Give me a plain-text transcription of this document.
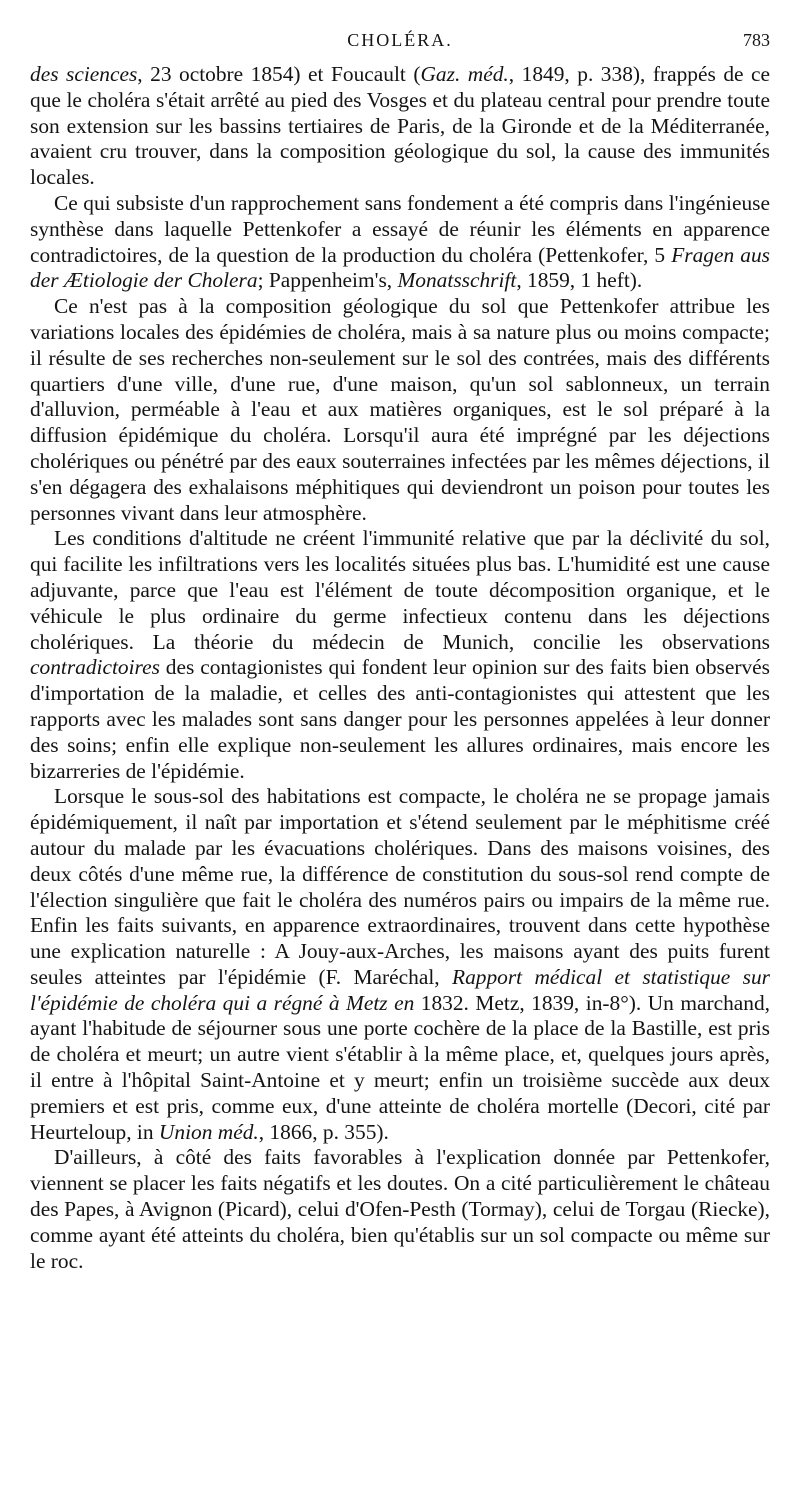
CHOLÉRA.	783

des sciences, 23 octobre 1854) et Foucault (Gaz. méd., 1849, p. 338), frappés de ce que le choléra s'était arrêté au pied des Vosges et du plateau central pour prendre toute son extension sur les bassins tertiaires de Paris, de la Gironde et de la Méditerranée, avaient cru trouver, dans la composition géologique du sol, la cause des immunités locales.

Ce qui subsiste d'un rapprochement sans fondement a été compris dans l'ingénieuse synthèse dans laquelle Pettenkofer a essayé de réunir les éléments en apparence contradictoires, de la question de la production du choléra (Pettenkofer, 5 Fragen aus der Ætiologie der Cholera; Pappenheim's, Monatsschrift, 1859, 1 heft).

Ce n'est pas à la composition géologique du sol que Pettenkofer attribue les variations locales des épidémies de choléra, mais à sa nature plus ou moins compacte; il résulte de ses recherches non-seulement sur le sol des contrées, mais des différents quartiers d'une ville, d'une rue, d'une maison, qu'un sol sablonneux, un terrain d'alluvion, perméable à l'eau et aux matières organiques, est le sol préparé à la diffusion épidémique du choléra. Lorsqu'il aura été imprégné par les déjections cholériques ou pénétré par des eaux souterraines infectées par les mêmes déjections, il s'en dégagera des exhalaisons méphitiques qui deviendront un poison pour toutes les personnes vivant dans leur atmosphère.

Les conditions d'altitude ne créent l'immunité relative que par la déclivité du sol, qui facilite les infiltrations vers les localités situées plus bas. L'humidité est une cause adjuvante, parce que l'eau est l'élément de toute décomposition organique, et le véhicule le plus ordinaire du germe infectieux contenu dans les déjections cholériques. La théorie du médecin de Munich, concilie les observations contradictoires des contagionistes qui fondent leur opinion sur des faits bien observés d'importation de la maladie, et celles des anti-contagionistes qui attestent que les rapports avec les malades sont sans danger pour les personnes appelées à leur donner des soins; enfin elle explique non-seulement les allures ordinaires, mais encore les bizarreries de l'épidémie.

Lorsque le sous-sol des habitations est compacte, le choléra ne se propage jamais épidémiquement, il naît par importation et s'étend seulement par le méphitisme créé autour du malade par les évacuations cholériques. Dans des maisons voisines, des deux côtés d'une même rue, la différence de constitution du sous-sol rend compte de l'élection singulière que fait le choléra des numéros pairs ou impairs de la même rue. Enfin les faits suivants, en apparence extraordinaires, trouvent dans cette hypothèse une explication naturelle : A Jouy-aux-Arches, les maisons ayant des puits furent seules atteintes par l'épidémie (F. Maréchal, Rapport médical et statistique sur l'épidémie de choléra qui a régné à Metz en 1832. Metz, 1839, in-8°). Un marchand, ayant l'habitude de séjourner sous une porte cochère de la place de la Bastille, est pris de choléra et meurt; un autre vient s'établir à la même place, et, quelques jours après, il entre à l'hôpital Saint-Antoine et y meurt; enfin un troisième succède aux deux premiers et est pris, comme eux, d'une atteinte de choléra mortelle (Decori, cité par Heurteloup, in Union méd., 1866, p. 355).

D'ailleurs, à côté des faits favorables à l'explication donnée par Pettenkofer, viennent se placer les faits négatifs et les doutes. On a cité particulièrement le château des Papes, à Avignon (Picard), celui d'Ofen-Pesth (Tormay), celui de Torgau (Riecke), comme ayant été atteints du choléra, bien qu'établis sur un sol compacte ou même sur le roc.
